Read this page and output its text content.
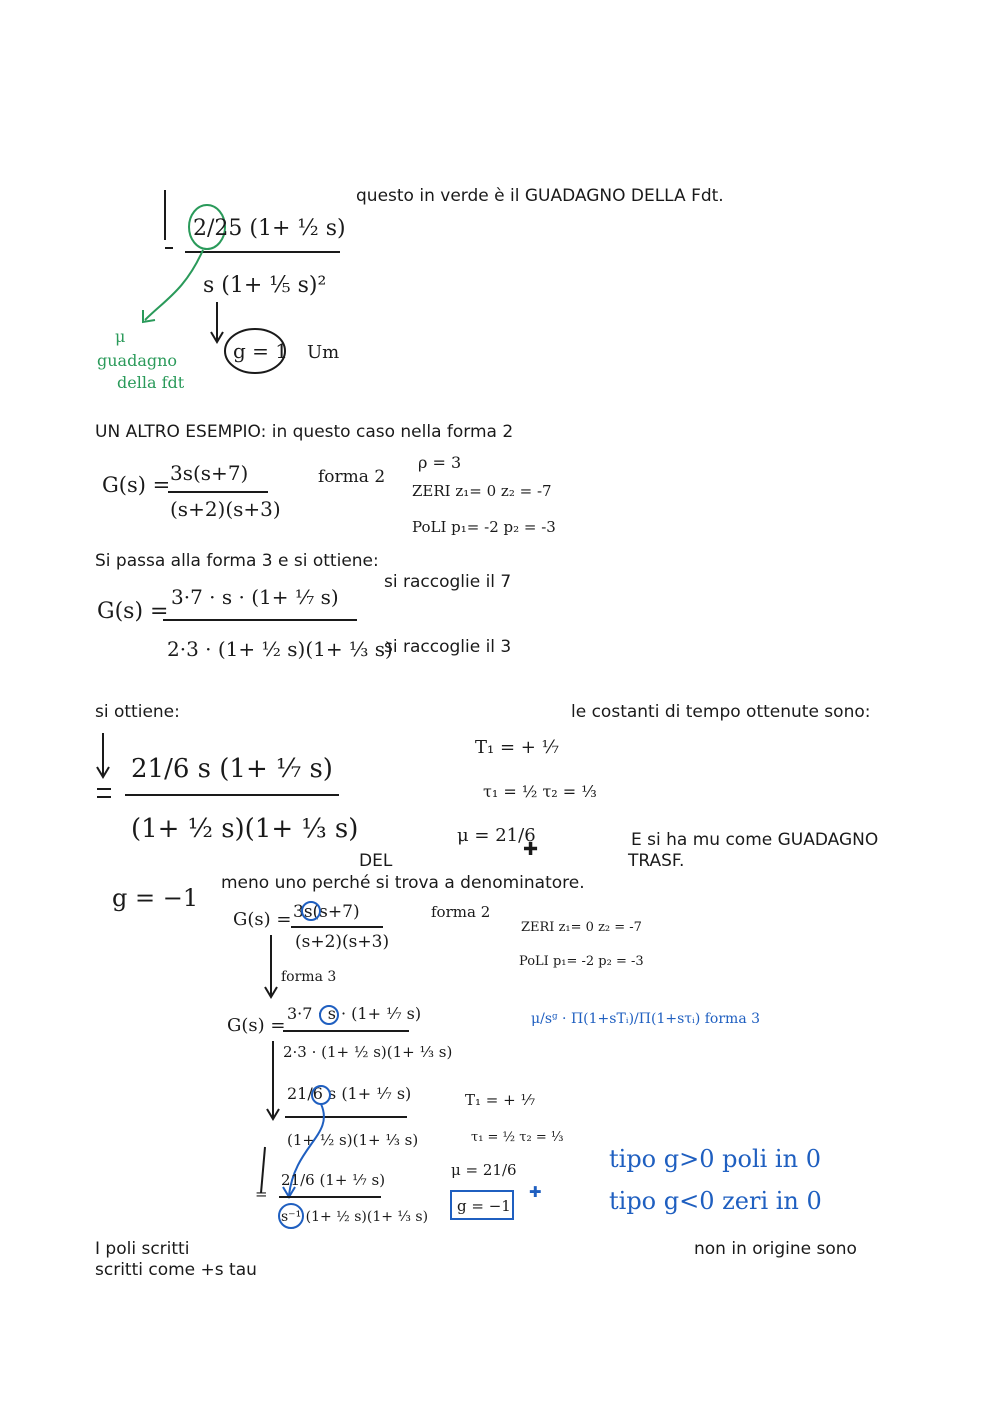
questo in verde è il GUADAGNO DELLA Fdt.
UN ALTRO ESEMPIO: in questo caso nella forma 2
Si passa alla forma 3 e si ottiene:
si raccoglie il 7
si raccoglie il 3
si ottiene:	le costanti di tempo ottenute sono:
E si ha mu come GUADAGNO
DEL	TRASF.
meno uno perché si trova a denominatore.
I poli scritti	non in origine sono
scritti come +s tau
2/25 (1+ ½ s)
s (1+ ⅕ s)²
g = 1 Um
μ
guadagno
della fdt
G(s) = 3s(s+7)
(s+2)(s+3)
forma 2
ρ = 3
ZERI z₁= 0 z₂ = -7
PoLI p₁= -2 p₂ = -3
G(s) =
3·7 · s · (1+ ⅐ s)
2·3 · (1+ ½ s)(1+ ⅓ s)
21/6 s (1+ ⅐ s)
(1+ ½ s)(1+ ⅓ s)
T₁ = + ⅐
τ₁ = ½ τ₂ = ⅓
μ = 21/6
✚
g = −1
G(s) = 3s(s+7)
(s+2)(s+3)
forma 2
ZERI z₁= 0 z₂ = -7
PoLI p₁= -2 p₂ = -3
forma 3
G(s) =
3·7 · s · (1+ ⅐ s)
2·3 · (1+ ½ s)(1+ ⅓ s)
μ/sᵍ · Π(1+sTᵢ)/Π(1+sτᵢ) forma 3
21/6 s (1+ ⅐ s)
(1+ ½ s)(1+ ⅓ s)
T₁ = + ⅐
τ₁ = ½ τ₂ = ⅓
=
21/6 (1+ ⅐ s)
s⁻¹ (1+ ½ s)(1+ ⅓ s)
μ = 21/6
g = −1
✚
tipo g>0 poli in 0
tipo g<0 zeri in 0
